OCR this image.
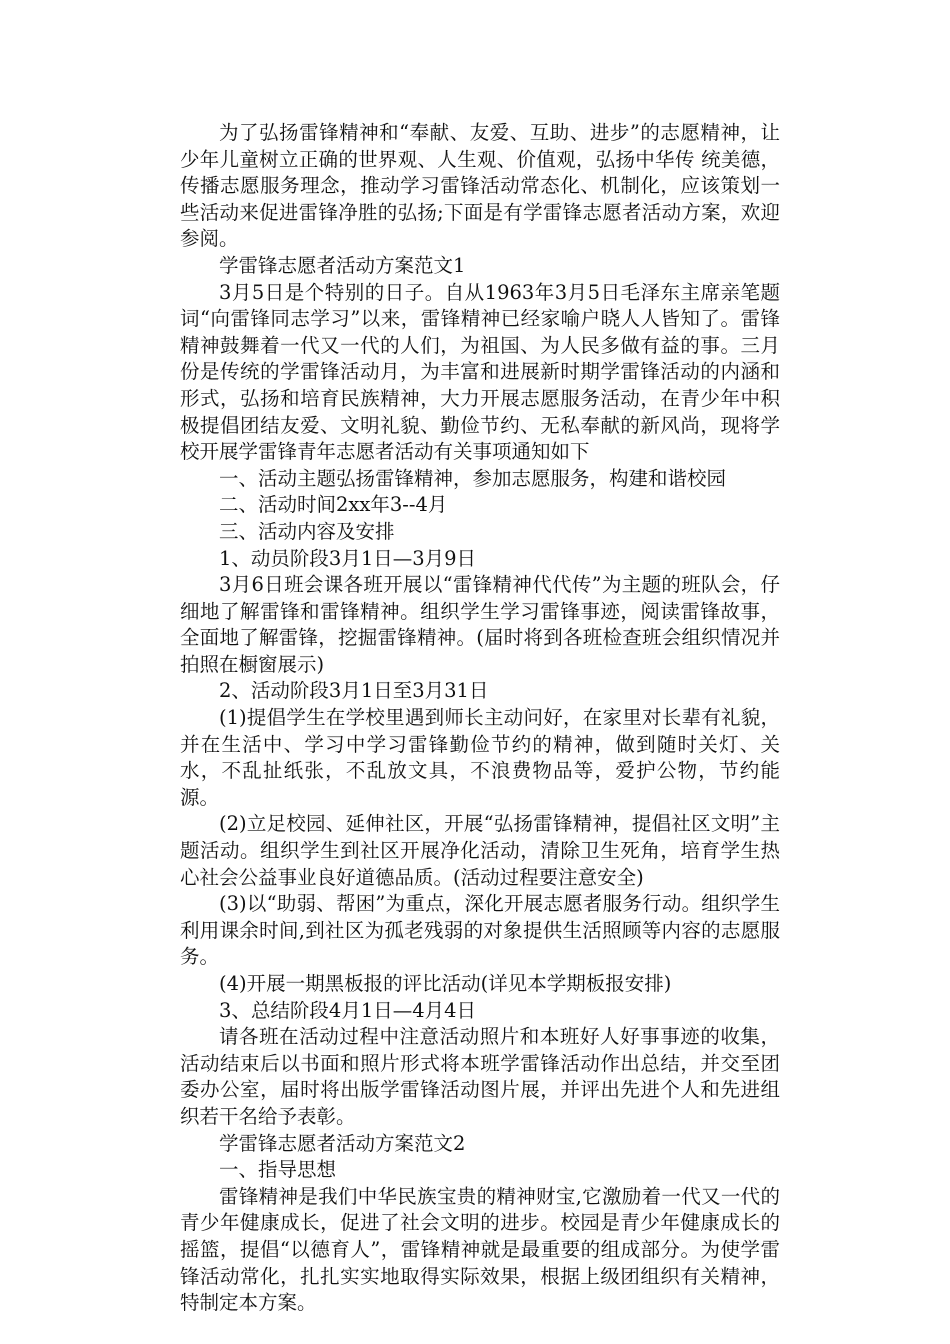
为了弘扬雷锋精神和“奉献、友爱、互助、进步”的志愿精神，让少年儿童树立正确的世界观、人生观、价值观，弘扬中华传 统美德，传播志愿服务理念，推动学习雷锋活动常态化、机制化，应该策划一些活动来促进雷锋净胜的弘扬;下面是有学雷锋志愿者活动方案，欢迎参阅。

学雷锋志愿者活动方案范文1

3月5日是个特别的日子。自从1963年3月5日毛泽东主席亲笔题词“向雷锋同志学习”以来，雷锋精神已经家喻户晓人人皆知了。雷锋精神鼓舞着一代又一代的人们，为祖国、为人民多做有益的事。三月份是传统的学雷锋活动月，为丰富和进展新时期学雷锋活动的内涵和形式，弘扬和培育民族精神，大力开展志愿服务活动，在青少年中积极提倡团结友爱、文明礼貌、勤俭节约、无私奉献的新风尚，现将学校开展学雷锋青年志愿者活动有关事项通知如下

一、活动主题弘扬雷锋精神，参加志愿服务，构建和谐校园

二、活动时间2xx年3--4月

三、活动内容及安排

1、动员阶段3月1日—3月9日

3月6日班会课各班开展以“雷锋精神代代传”为主题的班队会，仔细地了解雷锋和雷锋精神。组织学生学习雷锋事迹，阅读雷锋故事，全面地了解雷锋，挖掘雷锋精神。(届时将到各班检查班会组织情况并拍照在橱窗展示)

2、活动阶段3月1日至3月31日

(1)提倡学生在学校里遇到师长主动问好，在家里对长辈有礼貌，并在生活中、学习中学习雷锋勤俭节约的精神，做到随时关灯、关水，不乱扯纸张，不乱放文具，不浪费物品等，爱护公物，节约能源。

(2)立足校园、延伸社区，开展“弘扬雷锋精神，提倡社区文明”主题活动。组织学生到社区开展净化活动，清除卫生死角，培育学生热心社会公益事业良好道德品质。(活动过程要注意安全)

(3)以“助弱、帮困”为重点，深化开展志愿者服务行动。组织学生利用课余时间,到社区为孤老残弱的对象提供生活照顾等内容的志愿服务。

(4)开展一期黑板报的评比活动(详见本学期板报安排)

3、总结阶段4月1日—4月4日

请各班在活动过程中注意活动照片和本班好人好事事迹的收集，活动结束后以书面和照片形式将本班学雷锋活动作出总结，并交至团委办公室，届时将出版学雷锋活动图片展，并评出先进个人和先进组织若干名给予表彰。

学雷锋志愿者活动方案范文2

一、指导思想

雷锋精神是我们中华民族宝贵的精神财宝,它激励着一代又一代的青少年健康成长，促进了社会文明的进步。校园是青少年健康成长的摇篮，提倡“以德育人”，雷锋精神就是最重要的组成部分。为使学雷锋活动常化，扎扎实实地取得实际效果，根据上级团组织有关精神，特制定本方案。
